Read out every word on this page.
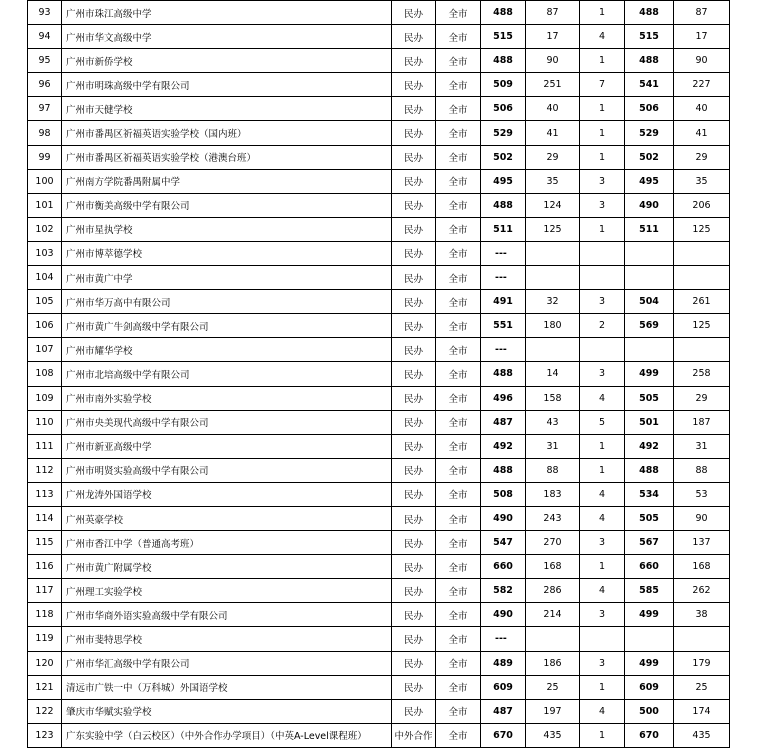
93	广州市珠江高级中学	民办	全市	488	87	1	488	87
94	广州市华文高级中学	民办	全市	515	17	4	515	17
95	广州市新侨学校	民办	全市	488	90	1	488	90
96	广州市明珠高级中学有限公司	民办	全市	509	251	7	541	227
97	广州市天健学校	民办	全市	506	40	1	506	40
98	广州市番禺区祈福英语实验学校（国内班）	民办	全市	529	41	1	529	41
99	广州市番禺区祈福英语实验学校（港澳台班）	民办	全市	502	29	1	502	29
100	广州南方学院番禺附属中学	民办	全市	495	35	3	495	35
101	广州市衡美高级中学有限公司	民办	全市	488	124	3	490	206
102	广州市星执学校	民办	全市	511	125	1	511	125
103	广州市博萃德学校	民办	全市	---				
104	广州市黄广中学	民办	全市	---				
105	广州市华万高中有限公司	民办	全市	491	32	3	504	261
106	广州市黄广牛剑高级中学有限公司	民办	全市	551	180	2	569	125
107	广州市耀华学校	民办	全市	---				
108	广州市北培高级中学有限公司	民办	全市	488	14	3	499	258
109	广州市南外实验学校	民办	全市	496	158	4	505	29
110	广州市央美现代高级中学有限公司	民办	全市	487	43	5	501	187
111	广州市新亚高级中学	民办	全市	492	31	1	492	31
112	广州市明贤实验高级中学有限公司	民办	全市	488	88	1	488	88
113	广州龙涛外国语学校	民办	全市	508	183	4	534	53
114	广州英豪学校	民办	全市	490	243	4	505	90
115	广州市香江中学（普通高考班）	民办	全市	547	270	3	567	137
116	广州市黄广附属学校	民办	全市	660	168	1	660	168
117	广州理工实验学校	民办	全市	582	286	4	585	262
118	广州市华商外语实验高级中学有限公司	民办	全市	490	214	3	499	38
119	广州市斐特思学校	民办	全市	---				
120	广州市华汇高级中学有限公司	民办	全市	489	186	3	499	179
121	清远市广铁一中（万科城）外国语学校	民办	全市	609	25	1	609	25
122	肇庆市华赋实验学校	民办	全市	487	197	4	500	174
123	广东实验中学（白云校区）（中外合作办学项目）（中英A-Level课程班）	中外合作	全市	670	435	1	670	435
